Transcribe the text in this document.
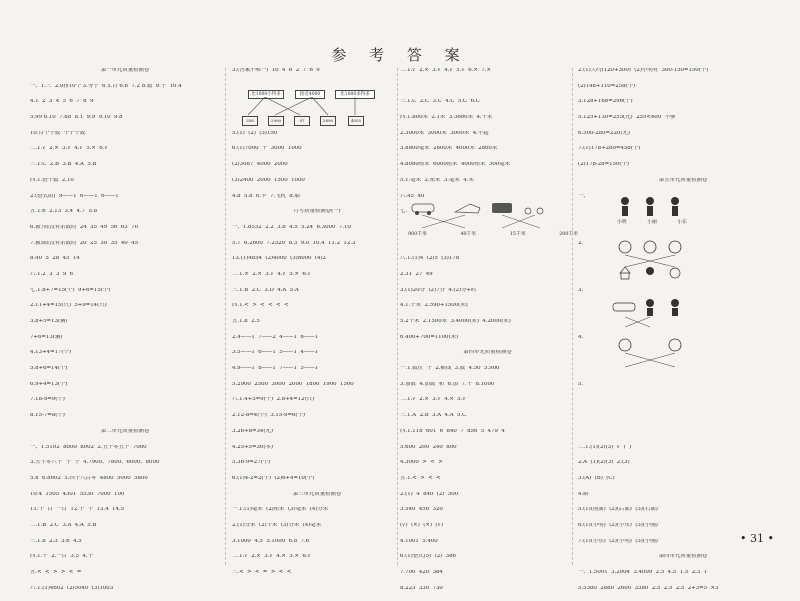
参 考 答 案
第一单元质量检测卷
一、1.三  2.9排10个 3.等于  6 5.百 6.6  7.2 8.数  9.十  10.4
4.1  2  3  4  5  6  7  8  9
5.99 6.10  7.88  8.1  9.9  9.10  9.8
10.百个十数  个十个数
二.1.√  2.×  3.√  4.√  5.×  6.√
三.1.C  2.B  3.B  4.A  5.B
四.1.整十数  2.10
2.(整式组)  9——1  6——1  6——1
五.1.6  2.13  3.4  4.7  5.8
6.被7除没有余数的  24  35  49  56  63  70
7.被5除没有余数的  20  25  30  35  40  45
8.40  5  28  45  14
六.1.2  3  3  9  6
七.1.8+7=15(个)  9+6=15(个)
2.11+4=15(只)  5+9=14(只)
3.8+5=13(辆)
7+6=13(辆)
4.13+4=17(个)
5.8+6=14(个)
6.9+4=13(个)
7.18-9=9(个)
8.15-7=8(个)
第二单元质量检测卷
一、1.5102  8000  8002  2.五千零五十  7000
3.五千零六十  千  十  4.7900、7800、6000、8000
5.8  6.8602  5.四千八百零  4800  5000  5800
10.4  1505  4301  5530  7000  100
11.千  百  一百  12.千  十  13.4  14.5
二.1.B  2.C  3.A  4.A  5.B
三.1.8  2.3  3.6  4.5
四.1.千  2.一百  3.5  4.十
五.<  <  >  >  <  =
六.1.(1)4602  (2)5040  (3)1003
3.(答案不唯一)  10  4  6  2  7  6  9
5.(1)  (2)  (3)150
6.(1)7000  千  3000  1000
(2)3087  4000  2000
(3)2400  2000  1500  1000
4.8  5.8  6.卡  7.飞机  8.船
月考质量检测卷(一)
一、1.8532  2.2  3.8  4.5  5.24  6.3000  7.10
5.7  6.2600  7.2520  8.3  9.0  10.4  11.2  12.3
13.(1)4854  (2)4000  (3)8000  (4)2
二.1.×  2.×  3.√  4.√  5.×  6.√
三.1.B  2.C  3.D  4.A  5.A
四.1.<  >  <  <  <  <
五.1.8  2.5
2.4——1  7——2  4——1  6——1
3.5——1  6——1  5——1  4——1
4.9——1  8——1  7——1  5——1
5.2900  2500  3000  2000  1800  1900  1500
六.1.4+5=9(个)  2.8+4=12(只)
2.12-8=4(个)  3.15-9=6(个)
3.26+8=34(元)
4.25+5=30(本)
5.36-9=27(个)
6.(1)4-2=2(个)  (2)6+4=10(个)
第三单元质量检测卷
一.1.(1)毫米  (2)厘米  (3)毫米  (4)分米
2.(1)分米  (2)千米  (3)分米  (4)毫米
3.1000  4.5  5.1000  6.8  7.6
二.1.√  2.×  3.√  4.×  5.×  6.√
三.<  >  <  =  >  <  <
二.1.√  2.×  3.√  4.√  5.√  6.×  7.×
三.1.C  2.C  3.C  4.C  5.C  6.C
四.1.800米  2.1米  3.3600米  4.千米
2.3000米  3000米  3000米  4.不超
3.8800毫米  2800米  4000米  2800米
4.8080厘米  6000厘米  4000厘米  300毫米
5.1.毫米  2.厘米  3.毫米  4.米
六.45  40
七.
八.1.(1)4  (2)5  (3)178
2.31  27  49
3.(1)20分  (2)7分  4.(2)分+时
4.1.千米  2.590+1500(米)
5.2千米  2.1500米  3.4000(米)  4.2000(米)
6.400+700=1100(米)
第四单元质量检测卷
一.1.数位  千  2.横线  3.数  4.50  5.900
3.加数  4.加数  和  6.加  7.千  8.1000
二.1.√  2.×  3.√  4.×  5.√
三.1.A  2.B  3.A  4.A  5.C
四.1.118  601  6  840  7  856  5  479  4
5.600  200  240  800
4.3000  >  <  >
五.1.<  >  <  <
2.(1)  4  840  (2)  500
3.540  456  320
(√)  (×)  (×)  (√)
4.1001  5.400
6.(1)整式(5)  (2)  386
7.700  420  384
8.223  330  730
2.(1)大约(120+300)  (2)小明有  300-150=150(个)
(2)148+110=258(个)
3.128+168=296(个)
5.125+130=255(元)  255<400  不够
6.500-280=220(元)
7.(1)178+280=458(个)
(2)178-28=150(个)
第五单元质量检测卷
一、
2.
3.
4.
5.
二.1.(1)(2)(3)  √  (  )
2.A  (1)(2)(3)  2.(3)
3.(A)  (B)  (C)
4.略
5.(1)(前面)  (2)(后面)  (3)(右面)
6.(1)(小明)  (2)(小东)  (3)(小刚)
7.(1)(小东)  (2)(小明)  (3)(小刚)
第四单元质量检测卷
一、1.5001  3.2004  3.4009  2.5  4.5  1.5  2.3  1
5.5380  2880  2600  3380  2.5  2.5  2.5  2+3=5  ×3
比1000小得多	接近4000	比1000多得多
358	2990	97	2690	4055
900千米	40千米	15千米	200千米
小明	小丽	小东
• 31 •
